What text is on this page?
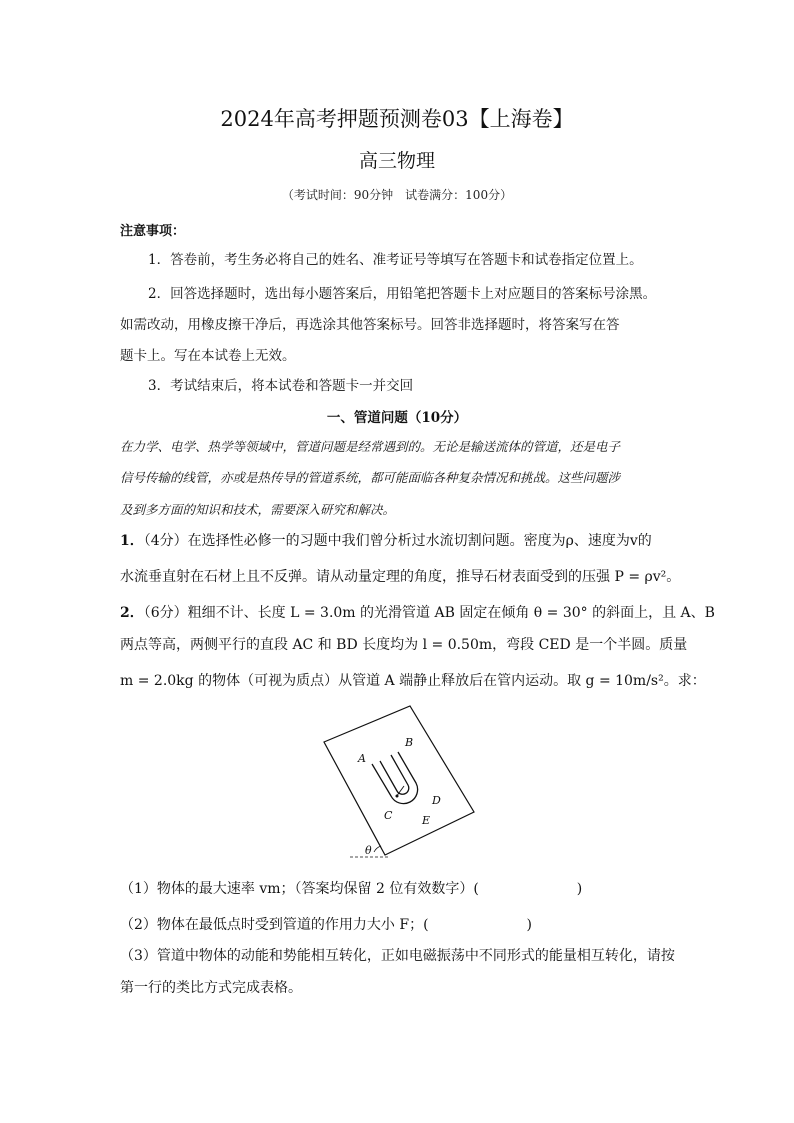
2024年高考押题预测卷03【上海卷】
高三物理
（考试时间：90分钟　试卷满分：100分）
注意事项：
1．答卷前，考生务必将自己的姓名、准考证号等填写在答题卡和试卷指定位置上。
2．回答选择题时，选出每小题答案后，用铅笔把答题卡上对应题目的答案标号涂黑。
如需改动，用橡皮擦干净后，再选涂其他答案标号。回答非选择题时，将答案写在答
题卡上。写在本试卷上无效。
3．考试结束后，将本试卷和答题卡一并交回
一、管道问题（10分）
在力学、电学、热学等领域中，管道问题是经常遇到的。无论是输送流体的管道，还是电子
信号传输的线管，亦或是热传导的管道系统，都可能面临各种复杂情况和挑战。这些问题涉
及到多方面的知识和技术，需要深入研究和解决。
1．（4分）在选择性必修一的习题中我们曾分析过水流切割问题。密度为ρ、速度为v的
水流垂直射在石材上且不反弹。请从动量定理的角度，推导石材表面受到的压强 P = ρv²。
2．（6分）粗细不计、长度 L = 3.0m 的光滑管道 AB 固定在倾角 θ = 30° 的斜面上，且 A、B
两点等高，两侧平行的直段 AC 和 BD 长度均为 l = 0.50m，弯段 CED 是一个半圆。质量
m = 2.0kg 的物体（可视为质点）从管道 A 端静止释放后在管内运动。取 g = 10m/s²。求：
A
B
C
D
E
θ
（1）物体的最大速率 vm；（答案均保留 2 位有效数字）(　　　　　　　)
（2）物体在最低点时受到管道的作用力大小 F；(　　　　　　　)
（3）管道中物体的动能和势能相互转化，正如电磁振荡中不同形式的能量相互转化，请按
第一行的类比方式完成表格。
